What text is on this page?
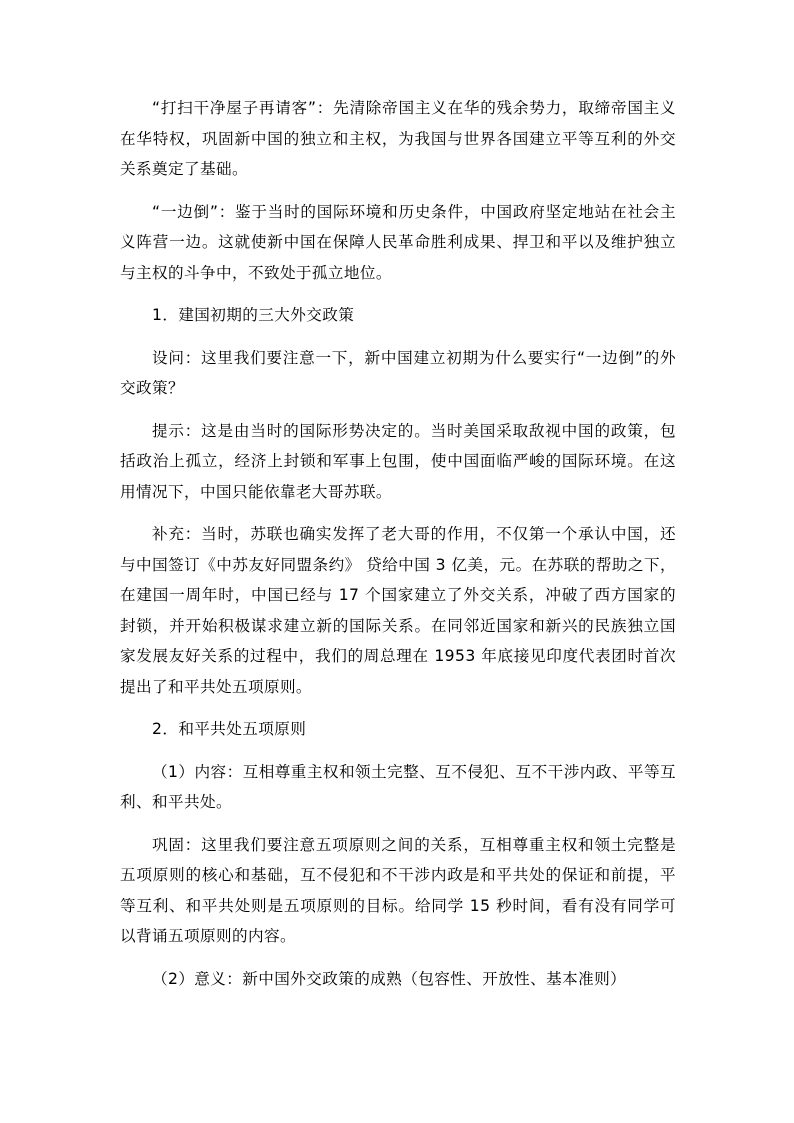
“打扫干净屋子再请客”：先清除帝国主义在华的残余势力，取缔帝国主义在华特权，巩固新中国的独立和主权，为我国与世界各国建立平等互利的外交关系奠定了基础。

“一边倒”：鉴于当时的国际环境和历史条件，中国政府坚定地站在社会主义阵营一边。这就使新中国在保障人民革命胜利成果、捍卫和平以及维护独立与主权的斗争中，不致处于孤立地位。

1．建国初期的三大外交政策

设问：这里我们要注意一下，新中国建立初期为什么要实行“一边倒”的外交政策？

提示：这是由当时的国际形势决定的。当时美国采取敌视中国的政策，包括政治上孤立，经济上封锁和军事上包围，使中国面临严峻的国际环境。在这用情况下，中国只能依靠老大哥苏联。

补充：当时，苏联也确实发挥了老大哥的作用，不仅第一个承认中国，还与中国签订《中苏友好同盟条约》 贷给中国 3 亿美，元。在苏联的帮助之下，在建国一周年时，中国已经与 17 个国家建立了外交关系，冲破了西方国家的封锁，并开始积极谋求建立新的国际关系。在同邻近国家和新兴的民族独立国家发展友好关系的过程中，我们的周总理在 1953 年底接见印度代表团时首次提出了和平共处五项原则。

2．和平共处五项原则

（1）内容：互相尊重主权和领土完整、互不侵犯、互不干涉内政、平等互利、和平共处。

巩固：这里我们要注意五项原则之间的关系，互相尊重主权和领土完整是五项原则的核心和基础，互不侵犯和不干涉内政是和平共处的保证和前提，平等互利、和平共处则是五项原则的目标。给同学 15 秒时间，看有没有同学可以背诵五项原则的内容。

（2）意义：新中国外交政策的成熟（包容性、开放性、基本准则）
